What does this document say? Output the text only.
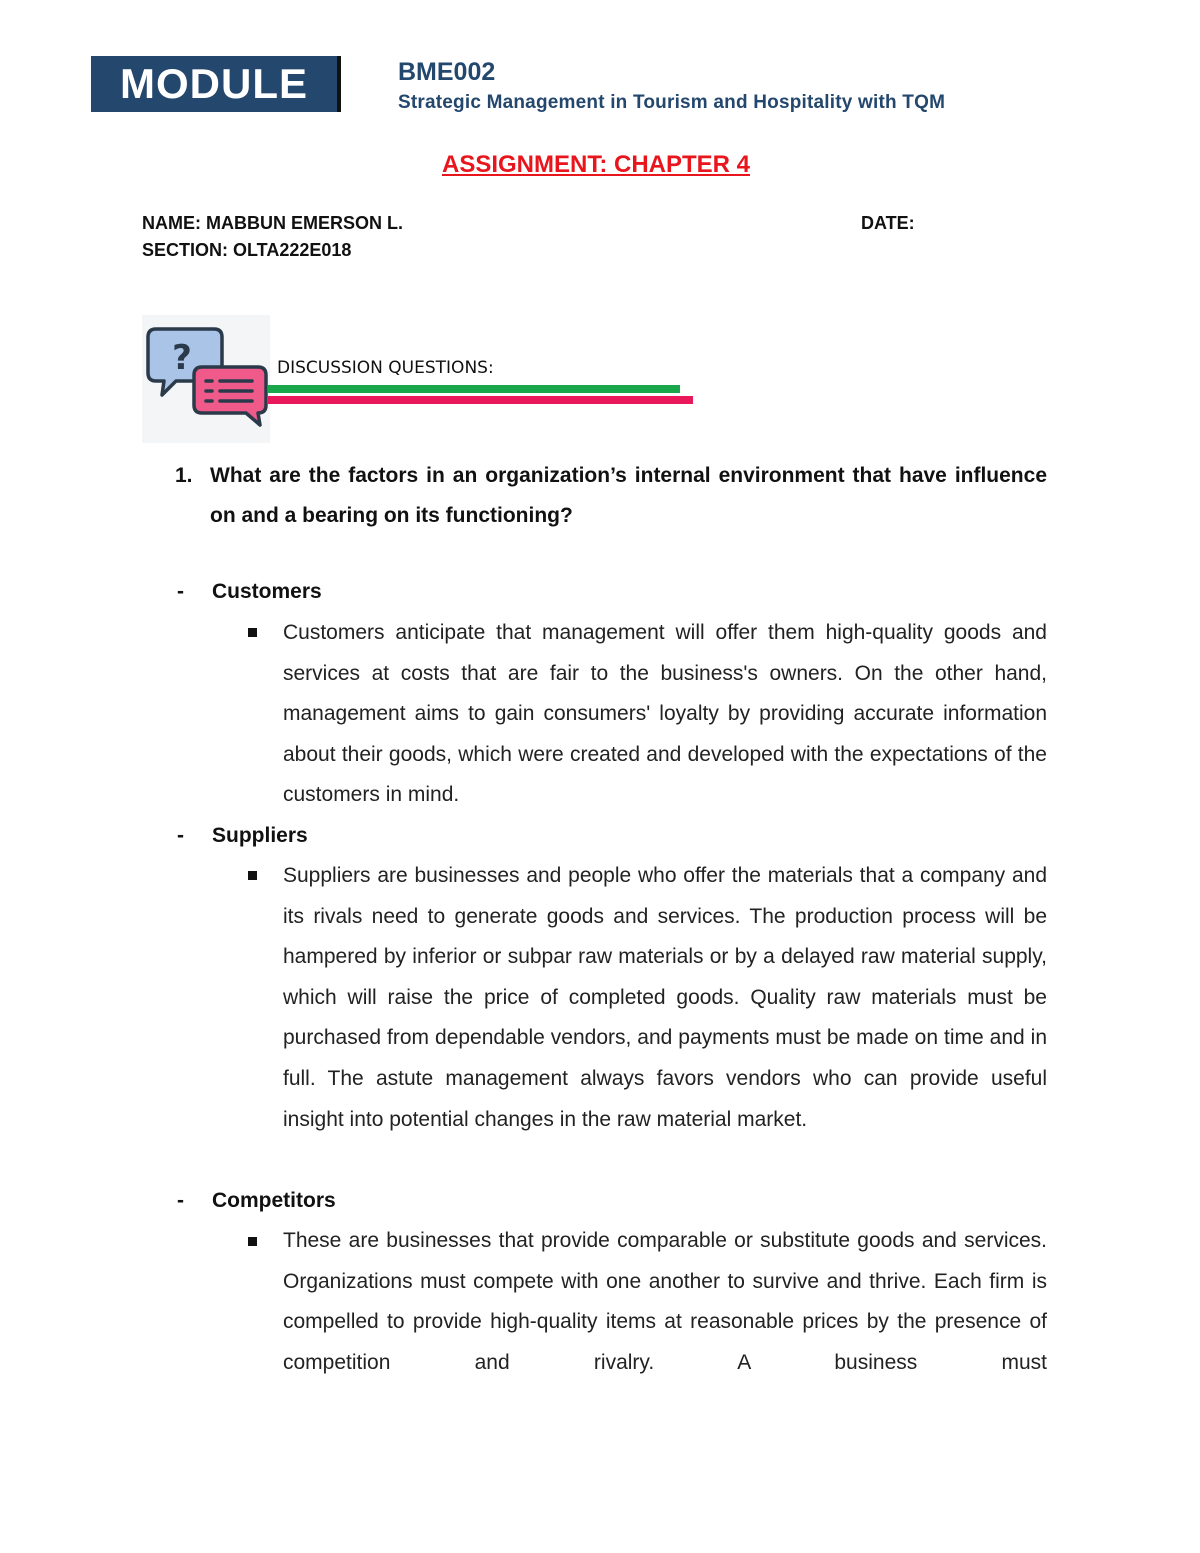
MODULE	BME002
Strategic Management in Tourism and Hospitality with TQM
ASSIGNMENT: CHAPTER 4
NAME: MABBUN EMERSON L.	DATE:
SECTION: OLTA222E018
?	DISCUSSION QUESTIONS:
1. What are the factors in an organization’s internal environment that have influence on and a bearing on its functioning?
- Customers
Customers anticipate that management will offer them high-quality goods and services at costs that are fair to the business's owners. On the other hand, management aims to gain consumers' loyalty by providing accurate information about their goods, which were created and developed with the expectations of the customers in mind.
- Suppliers
Suppliers are businesses and people who offer the materials that a company and its rivals need to generate goods and services. The production process will be hampered by inferior or subpar raw materials or by a delayed raw material supply, which will raise the price of completed goods. Quality raw materials must be purchased from dependable vendors, and payments must be made on time and in full. The astute management always favors vendors who can provide useful insight into potential changes in the raw material market.
- Competitors
These are businesses that provide comparable or substitute goods and services. Organizations must compete with one another to survive and thrive. Each firm is compelled to provide high-quality items at reasonable prices by the presence of competition and rivalry. A business must
